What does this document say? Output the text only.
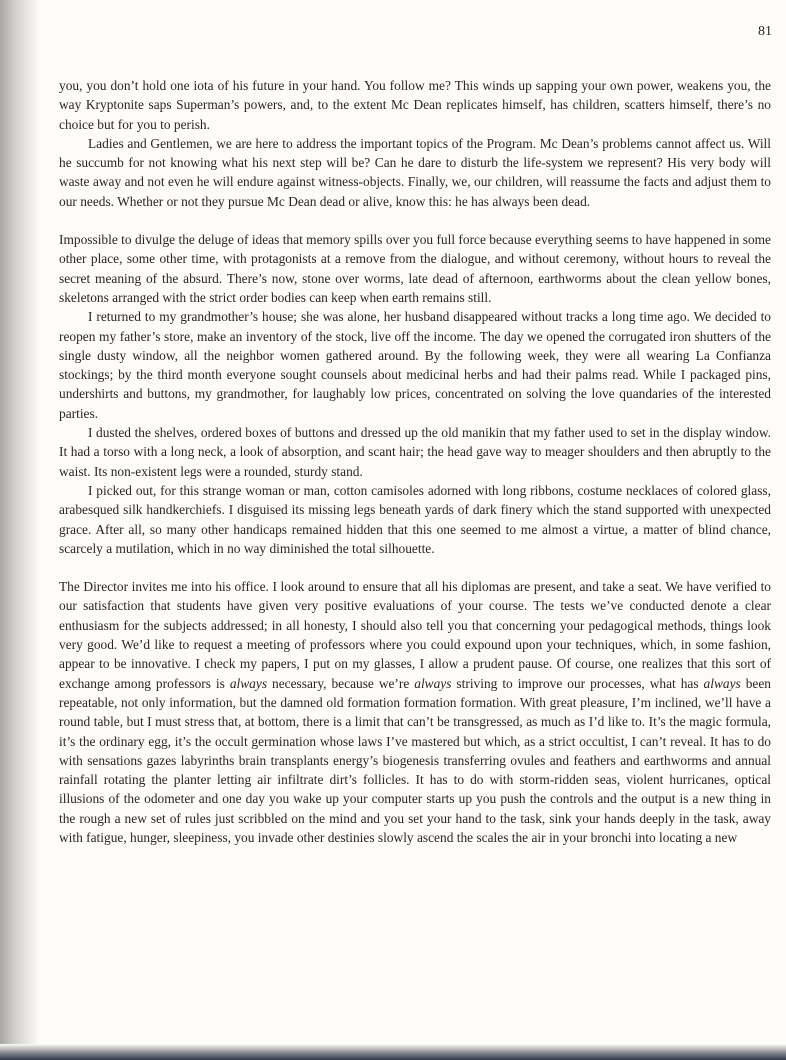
81

you, you don’t hold one iota of his future in your hand. You follow me? This winds up sapping your own power, weakens you, the way Kryptonite saps Superman’s powers, and, to the extent Mc Dean replicates himself, has children, scatters himself, there’s no choice but for you to perish.

Ladies and Gentlemen, we are here to address the important topics of the Program. Mc Dean’s problems cannot affect us. Will he succumb for not knowing what his next step will be? Can he dare to disturb the life-system we represent? His very body will waste away and not even he will endure against witness-objects. Finally, we, our children, will reassume the facts and adjust them to our needs. Whether or not they pursue Mc Dean dead or alive, know this: he has always been dead.

Impossible to divulge the deluge of ideas that memory spills over you full force because everything seems to have happened in some other place, some other time, with protagonists at a remove from the dialogue, and without ceremony, without hours to reveal the secret meaning of the absurd. There’s now, stone over worms, late dead of afternoon, earthworms about the clean yellow bones, skeletons arranged with the strict order bodies can keep when earth remains still.

I returned to my grandmother’s house; she was alone, her husband disappeared without tracks a long time ago. We decided to reopen my father’s store, make an inventory of the stock, live off the income. The day we opened the corrugated iron shutters of the single dusty window, all the neighbor women gathered around. By the following week, they were all wearing La Confianza stockings; by the third month everyone sought counsels about medicinal herbs and had their palms read. While I packaged pins, undershirts and buttons, my grandmother, for laughably low prices, concentrated on solving the love quandaries of the interested parties.

I dusted the shelves, ordered boxes of buttons and dressed up the old manikin that my father used to set in the display window. It had a torso with a long neck, a look of absorption, and scant hair; the head gave way to meager shoulders and then abruptly to the waist. Its non-existent legs were a rounded, sturdy stand.

I picked out, for this strange woman or man, cotton camisoles adorned with long ribbons, costume necklaces of colored glass, arabesqued silk handkerchiefs. I disguised its missing legs beneath yards of dark finery which the stand supported with unexpected grace. After all, so many other handicaps remained hidden that this one seemed to me almost a virtue, a matter of blind chance, scarcely a mutilation, which in no way diminished the total silhouette.

The Director invites me into his office. I look around to ensure that all his diplomas are present, and take a seat. We have verified to our satisfaction that students have given very positive evaluations of your course. The tests we’ve conducted denote a clear enthusiasm for the subjects addressed; in all honesty, I should also tell you that concerning your pedagogical methods, things look very good. We’d like to request a meeting of professors where you could expound upon your techniques, which, in some fashion, appear to be innovative. I check my papers, I put on my glasses, I allow a prudent pause. Of course, one realizes that this sort of exchange among professors is always necessary, because we’re always striving to improve our processes, what has always been repeatable, not only information, but the damned old formation formation formation. With great pleasure, I’m inclined, we’ll have a round table, but I must stress that, at bottom, there is a limit that can’t be transgressed, as much as I’d like to. It’s the magic formula, it’s the ordinary egg, it’s the occult germination whose laws I’ve mastered but which, as a strict occultist, I can’t reveal. It has to do with sensations gazes labyrinths brain transplants energy’s biogenesis transferring ovules and feathers and earthworms and annual rainfall rotating the planter letting air infiltrate dirt’s follicles. It has to do with storm-ridden seas, violent hurricanes, optical illusions of the odometer and one day you wake up your computer starts up you push the controls and the output is a new thing in the rough a new set of rules just scribbled on the mind and you set your hand to the task, sink your hands deeply in the task, away with fatigue, hunger, sleepiness, you invade other destinies slowly ascend the scales the air in your bronchi into locating a new
